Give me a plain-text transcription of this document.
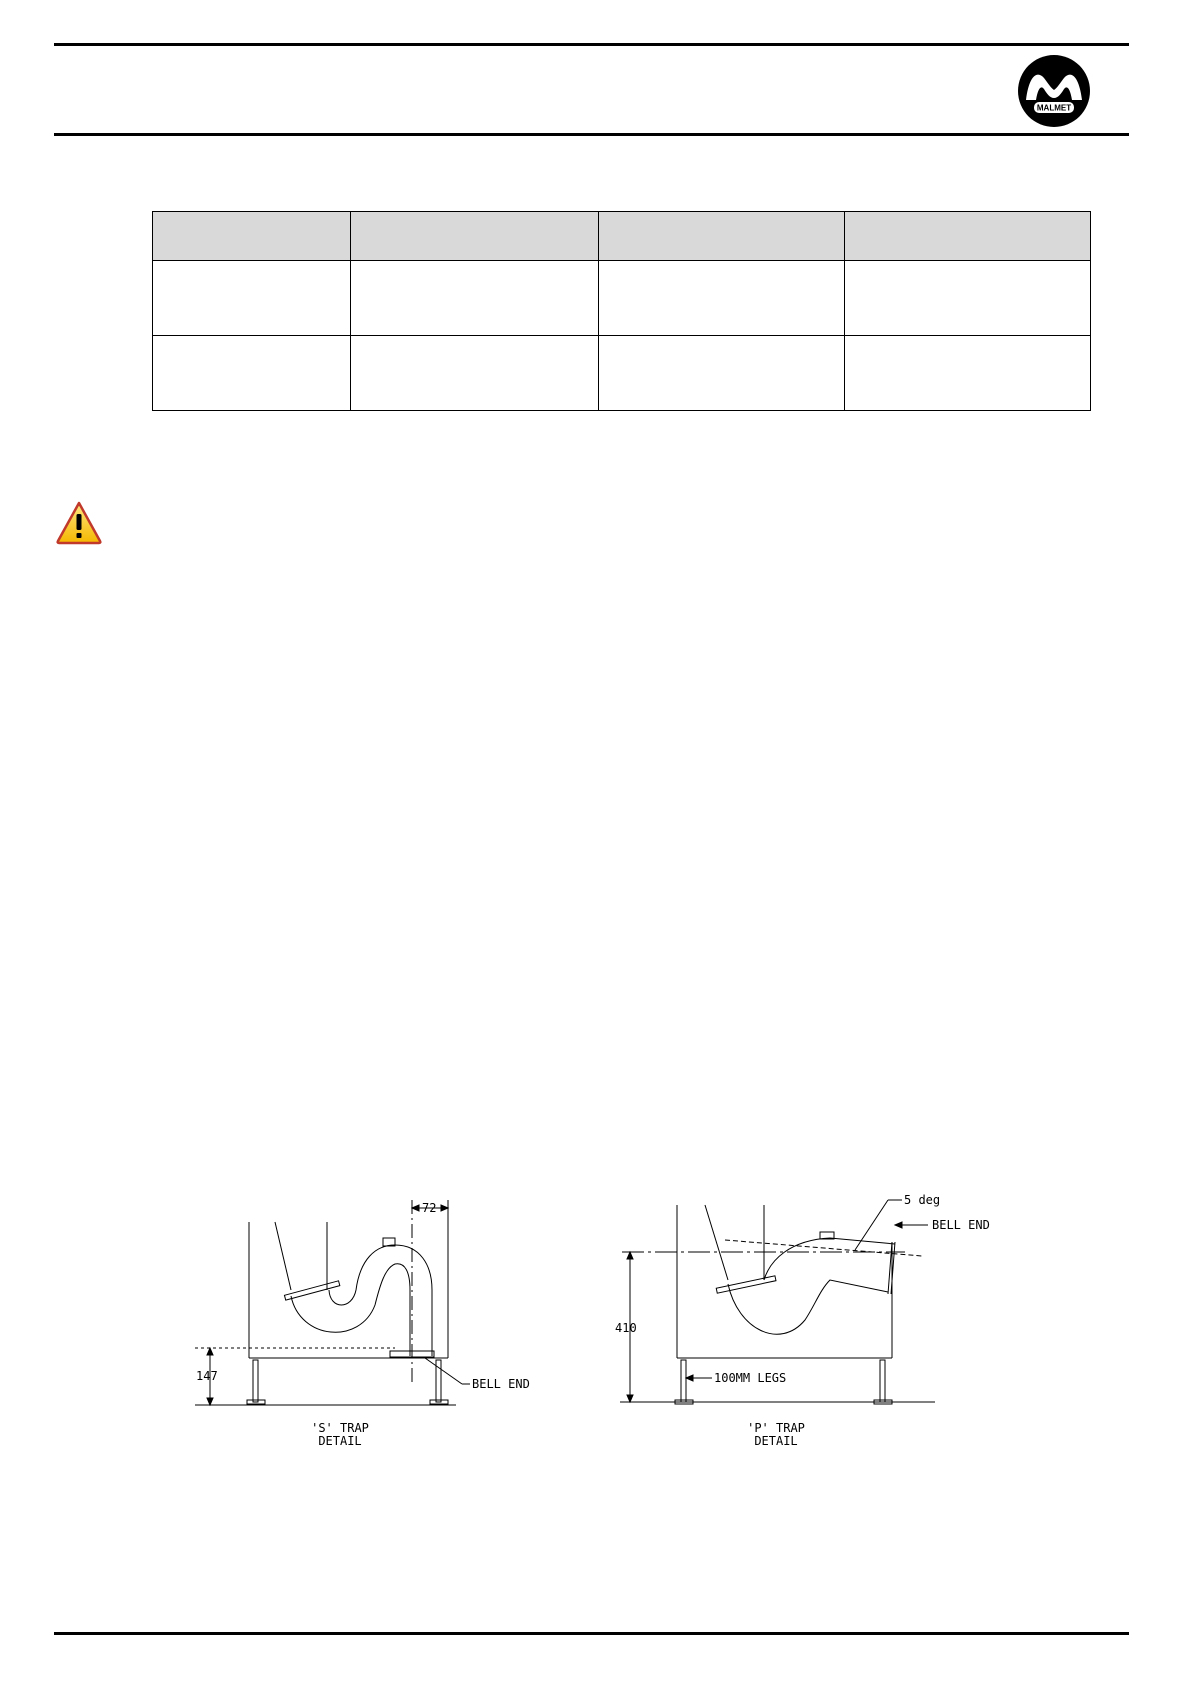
MALMET

72
147
BELL END
'S' TRAP
DETAIL
5 deg
BELL END
410
100MM LEGS
'P' TRAP
DETAIL
